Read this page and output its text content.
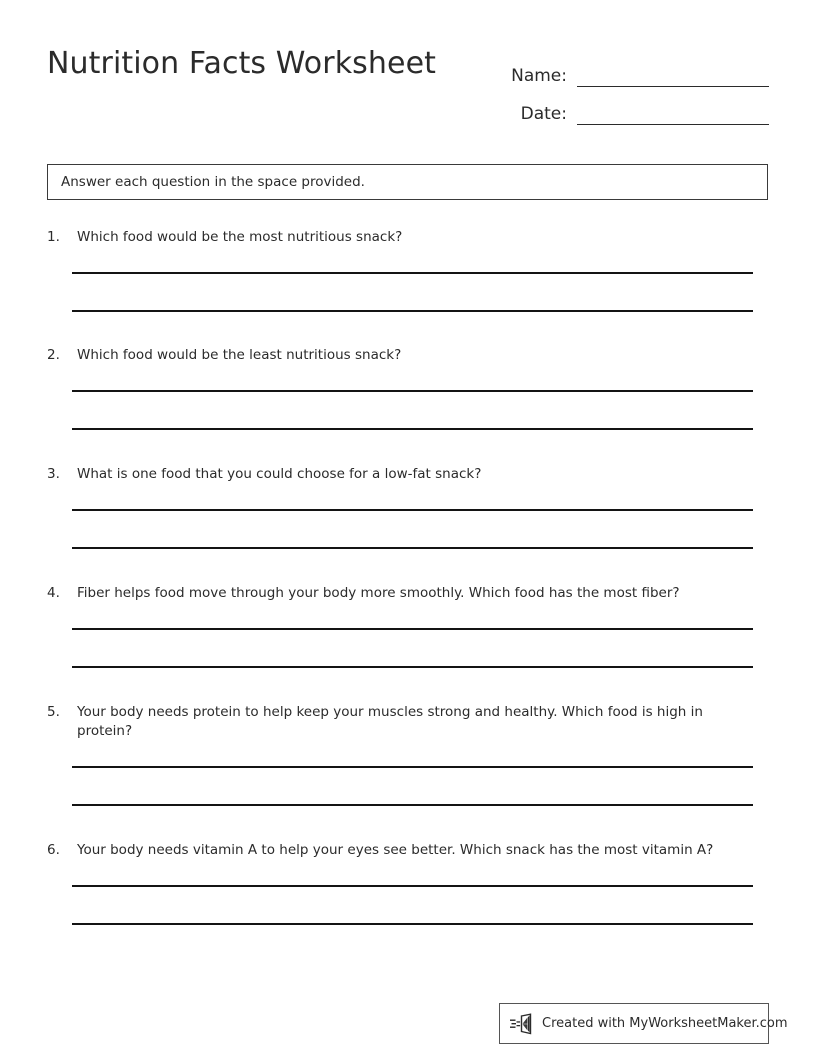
Nutrition Facts Worksheet	Name:
Date:
Answer each question in the space provided.
1.	Which food would be the most nutritious snack?
2.	Which food would be the least nutritious snack?
3.	What is one food that you could choose for a low-fat snack?
4.	Fiber helps food move through your body more smoothly. Which food has the most fiber?
5.	Your body needs protein to help keep your muscles strong and healthy. Which food is high in protein?
6.	Your body needs vitamin A to help your eyes see better. Which snack has the most vitamin A?
Created with MyWorksheetMaker.com
